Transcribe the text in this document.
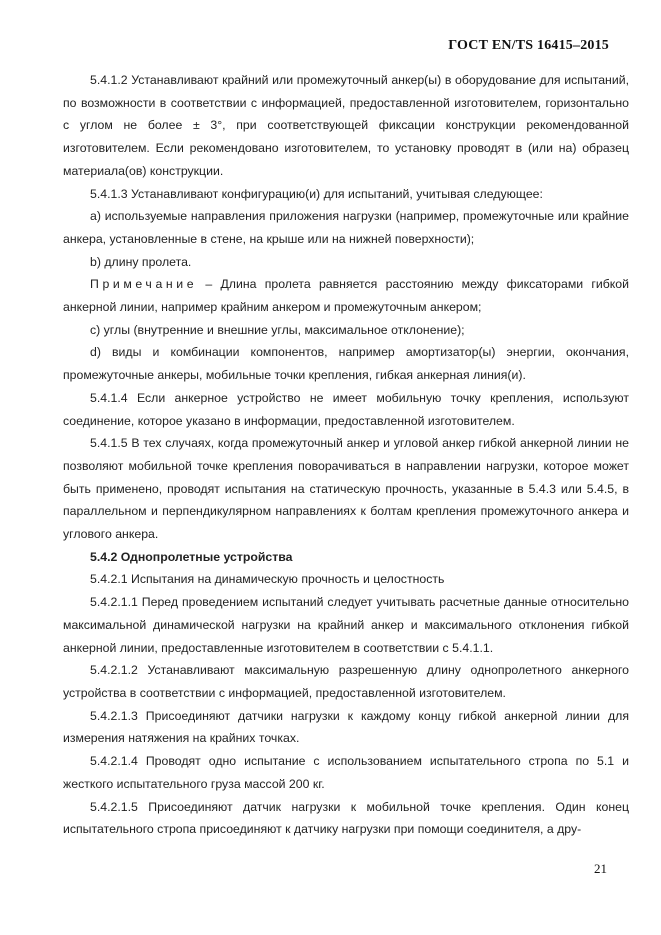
ГОСТ EN/TS 16415–2015

5.4.1.2 Устанавливают крайний или промежуточный анкер(ы) в оборудование для испытаний, по возможности в соответствии с информацией, предоставленной изготовителем, горизонтально с углом не более ± 3°, при соответствующей фиксации конструкции рекомендованной изготовителем. Если рекомендовано изготовителем, то установку проводят в (или на) образец материала(ов) конструкции.

5.4.1.3 Устанавливают конфигурацию(и) для испытаний, учитывая следующее:

а) используемые направления приложения нагрузки (например, промежуточные или крайние анкера, установленные в стене, на крыше или на нижней поверхности);

b) длину пролета.

Примечание – Длина пролета равняется расстоянию между фиксаторами гибкой анкерной линии, например крайним анкером и промежуточным анкером;

с) углы (внутренние и внешние углы, максимальное отклонение);

d) виды и комбинации компонентов, например амортизатор(ы) энергии, окончания, промежуточные анкеры, мобильные точки крепления, гибкая анкерная линия(и).

5.4.1.4 Если анкерное устройство не имеет мобильную точку крепления, используют соединение, которое указано в информации, предоставленной изготовителем.

5.4.1.5 В тех случаях, когда промежуточный анкер и угловой анкер гибкой анкерной линии не позволяют мобильной точке крепления поворачиваться в направлении нагрузки, которое может быть применено, проводят испытания на статическую прочность, указанные в 5.4.3 или 5.4.5, в параллельном и перпендикулярном направлениях к болтам крепления промежуточного анкера и углового анкера.

5.4.2 Однопролетные устройства

5.4.2.1 Испытания на динамическую прочность и целостность

5.4.2.1.1 Перед проведением испытаний следует учитывать расчетные данные относительно максимальной динамической нагрузки на крайний анкер и максимального отклонения гибкой анкерной линии, предоставленные изготовителем в соответствии с 5.4.1.1.

5.4.2.1.2 Устанавливают максимальную разрешенную длину однопролетного анкерного устройства в соответствии с информацией, предоставленной изготовителем.

5.4.2.1.3 Присоединяют датчики нагрузки к каждому концу гибкой анкерной линии для измерения натяжения на крайних точках.

5.4.2.1.4 Проводят одно испытание с использованием испытательного стропа по 5.1 и жесткого испытательного груза массой 200 кг.

5.4.2.1.5 Присоединяют датчик нагрузки к мобильной точке крепления. Один конец испытательного стропа присоединяют к датчику нагрузки при помощи соединителя, а дру-

21
